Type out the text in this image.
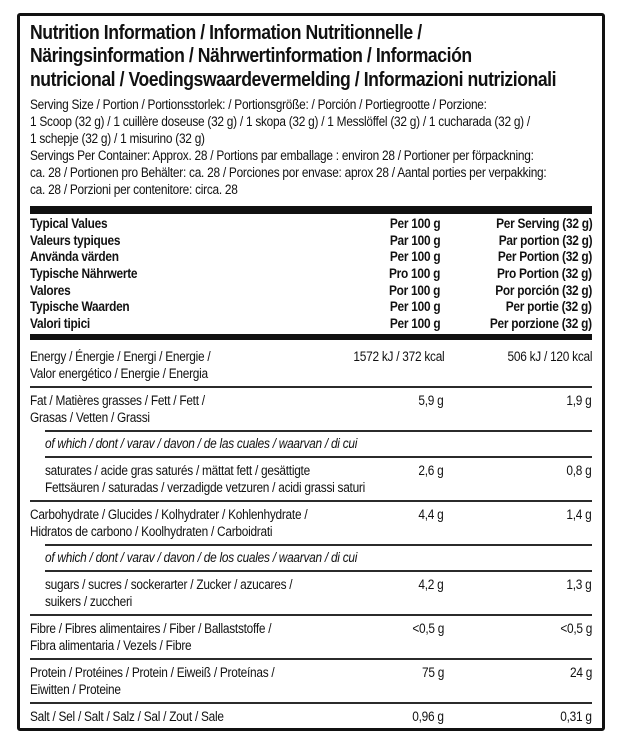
Nutrition Information / Information Nutritionnelle /
Näringsinformation / Nährwertinformation / Información
nutricional / Voedingswaardevermelding / Informazioni nutrizionali
Serving Size / Portion / Portionsstorlek: / Portionsgröße: / Porción / Portiegrootte / Porzione:
1 Scoop (32 g) / 1 cuillère doseuse (32 g) / 1 skopa (32 g) / 1 Messlöffel (32 g) / 1 cucharada (32 g) /
1 schepje (32 g) / 1 misurino (32 g)
Servings Per Container: Approx. 28 / Portions par emballage : environ 28 / Portioner per förpackning:
ca. 28 / Portionen pro Behälter: ca. 28 / Porciones por envase: aprox 28 / Aantal porties per verpakking:
ca. 28 / Porzioni per contenitore: circa. 28
Typical Values	Per 100 g	Per Serving (32 g)
Valeurs typiques	Par 100 g	Par portion (32 g)
Använda värden	Per 100 g	Per Portion (32 g)
Typische Nährwerte	Pro 100 g	Pro Portion (32 g)
Valores	Por 100 g	Por porción (32 g)
Typische Waarden	Per 100 g	Per portie (32 g)
Valori tipici	Per 100 g	Per porzione (32 g)
Energy / Énergie / Energi / Energie /
Valor energético / Energie / Energia
1572 kJ / 372 kcal	506 kJ / 120 kcal
Fat / Matières grasses / Fett / Fett /
Grasas / Vetten / Grassi
5,9 g	1,9 g
of which / dont / varav / davon / de las cuales / waarvan / di cui
saturates / acide gras saturés / mättat fett / gesättigte
Fettsäuren / saturadas / verzadigde vetzuren / acidi grassi saturi
2,6 g	0,8 g
Carbohydrate / Glucides / Kolhydrater / Kohlenhydrate /
Hidratos de carbono / Koolhydraten / Carboidrati
4,4 g	1,4 g
of which / dont / varav / davon / de los cuales / waarvan / di cui
sugars / sucres / sockerarter / Zucker / azucares /
suikers / zuccheri
4,2 g	1,3 g
Fibre / Fibres alimentaires / Fiber / Ballaststoffe /
Fibra alimentaria / Vezels / Fibre
<0,5 g	<0,5 g
Protein / Protéines / Protein / Eiweiß / Proteínas /
Eiwitten / Proteine
75 g	24 g
Salt / Sel / Salt / Salz / Sal / Zout / Sale	0,96 g	0,31 g
